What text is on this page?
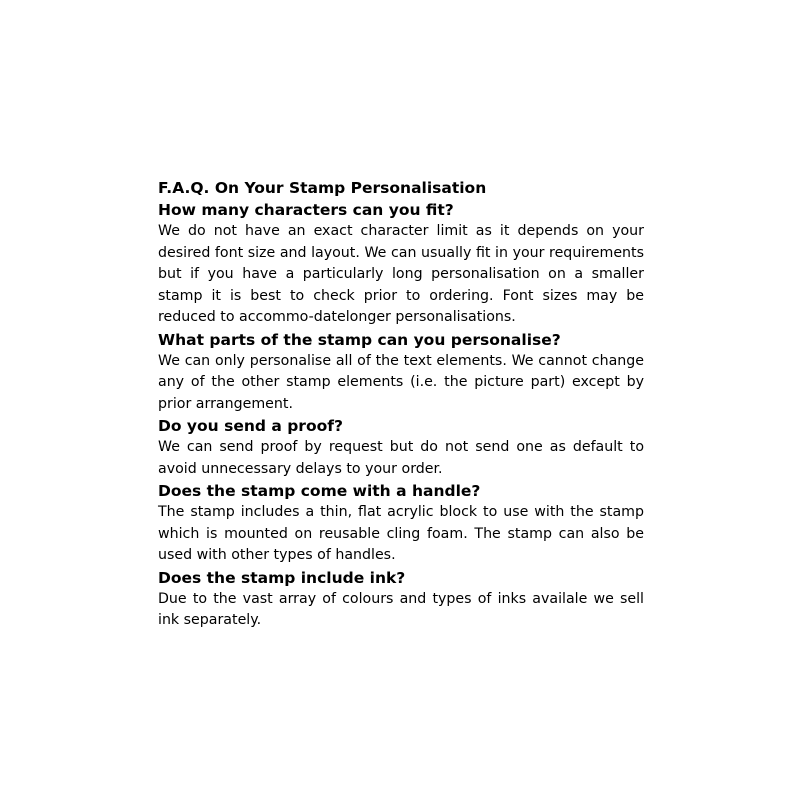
F.A.Q. On Your Stamp Personalisation
How many characters can you fit?

We do not have an exact character limit as it depends on your desired font size and layout. We can usually fit in your requirements but if you have a particularly long personalisation on a smaller stamp it is best to check prior to ordering. Font sizes may be reduced to accommo-datelonger personalisations.

What parts of the stamp can you personalise?

We can only personalise all of the text elements. We cannot change any of the other stamp elements (i.e. the picture part) except by prior arrangement.

Do you send a proof?

We can send proof by request but do not send one as default to avoid unnecessary delays to your order.

Does the stamp come with a handle?

The stamp includes a thin, flat acrylic block to use with the stamp which is mounted on reusable cling foam. The stamp can also be used with other types of handles.

Does the stamp include ink?

Due to the vast array of colours and types of inks availale we sell ink separately.
